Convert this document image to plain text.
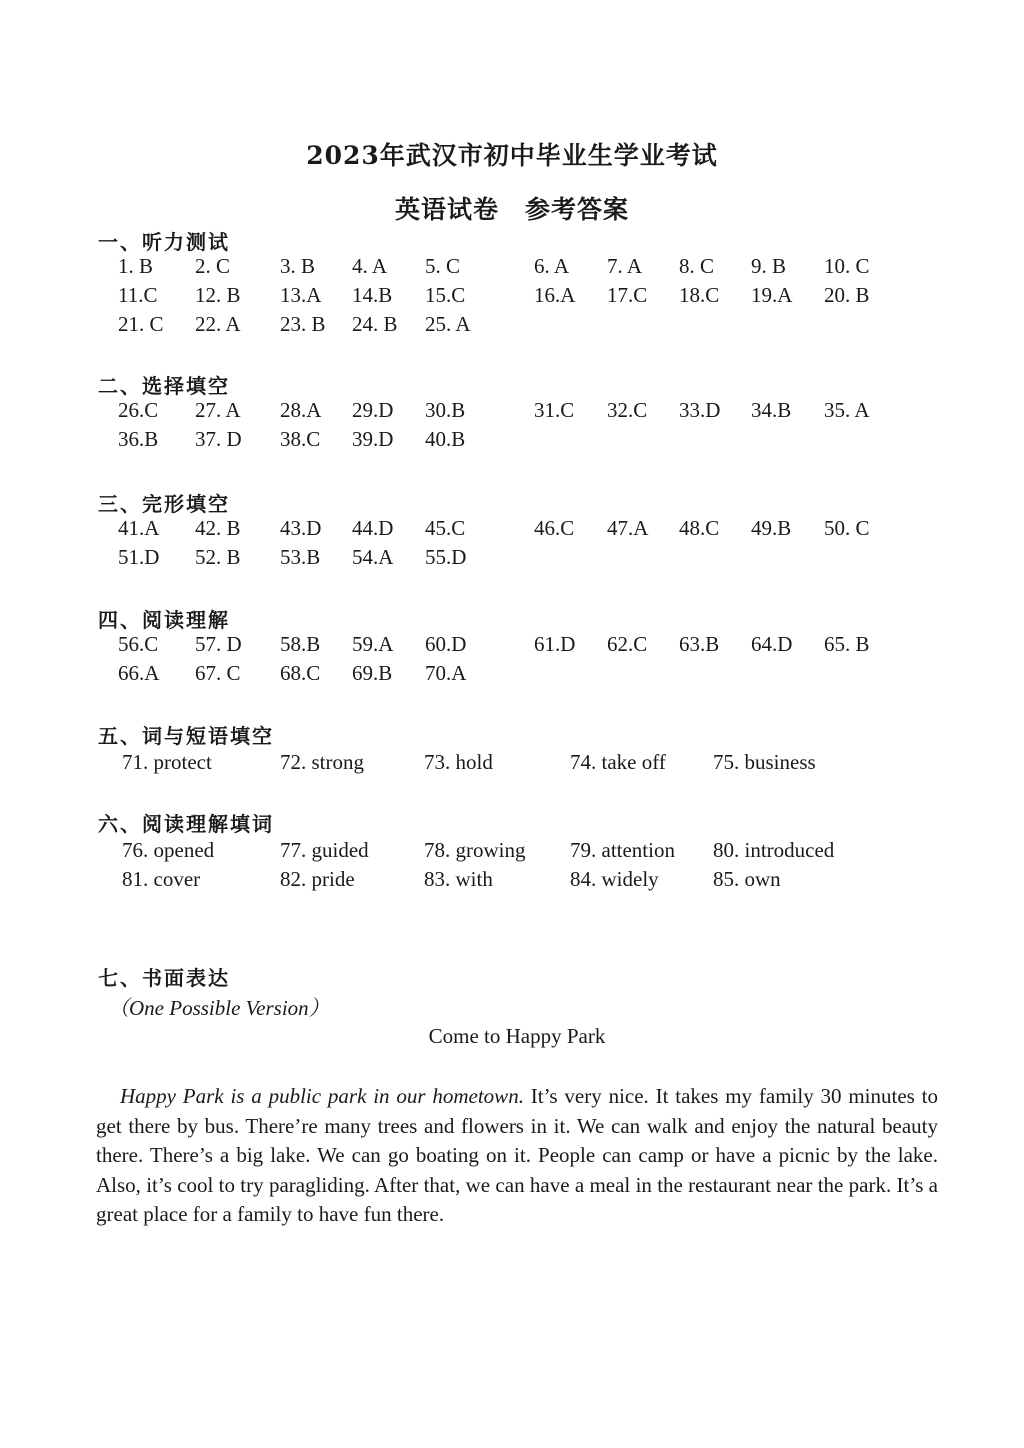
2023年武汉市初中毕业生学业考试
英语试卷 参考答案
一、听力测试
1. B 2. C 3. B 4. A 5. C	6. A 7. A 8. C 9. B 10. C
11.C 12. B 13.A 14.B 15.C	16.A 17.C 18.C 19.A 20. B
21. C 22. A 23. B 24. B 25. A
二、选择填空
26.C 27. A 28.A 29.D 30.B	31.C 32.C 33.D 34.B 35. A
36.B 37. D 38.C 39.D 40.B
三、完形填空
41.A 42. B 43.D 44.D 45.C	46.C 47.A 48.C 49.B 50. C
51.D 52. B 53.B 54.A 55.D
四、阅读理解
56.C 57. D 58.B 59.A 60.D	61.D 62.C 63.B 64.D 65. B
66.A 67. C 68.C 69.B 70.A
五、词与短语填空
71. protect	72. strong	73. hold	74. take off 75. business
六、阅读理解填词
76. opened	77. guided	78. growing 79. attention 80. introduced
81. cover	82. pride	83. with	84. widely	85. own
七、书面表达
（One Possible Version）
Come to Happy Park
Happy Park is a public park in our hometown. It’s very nice. It takes my family 30 minutes to get there by bus. There’re many trees and flowers in it. We can walk and enjoy the natural beauty there. There’s a big lake. We can go boating on it. People can camp or have a picnic by the lake. Also, it’s cool to try paragliding. After that, we can have a meal in the restaurant near the park. It’s a great place for a family to have fun there.
